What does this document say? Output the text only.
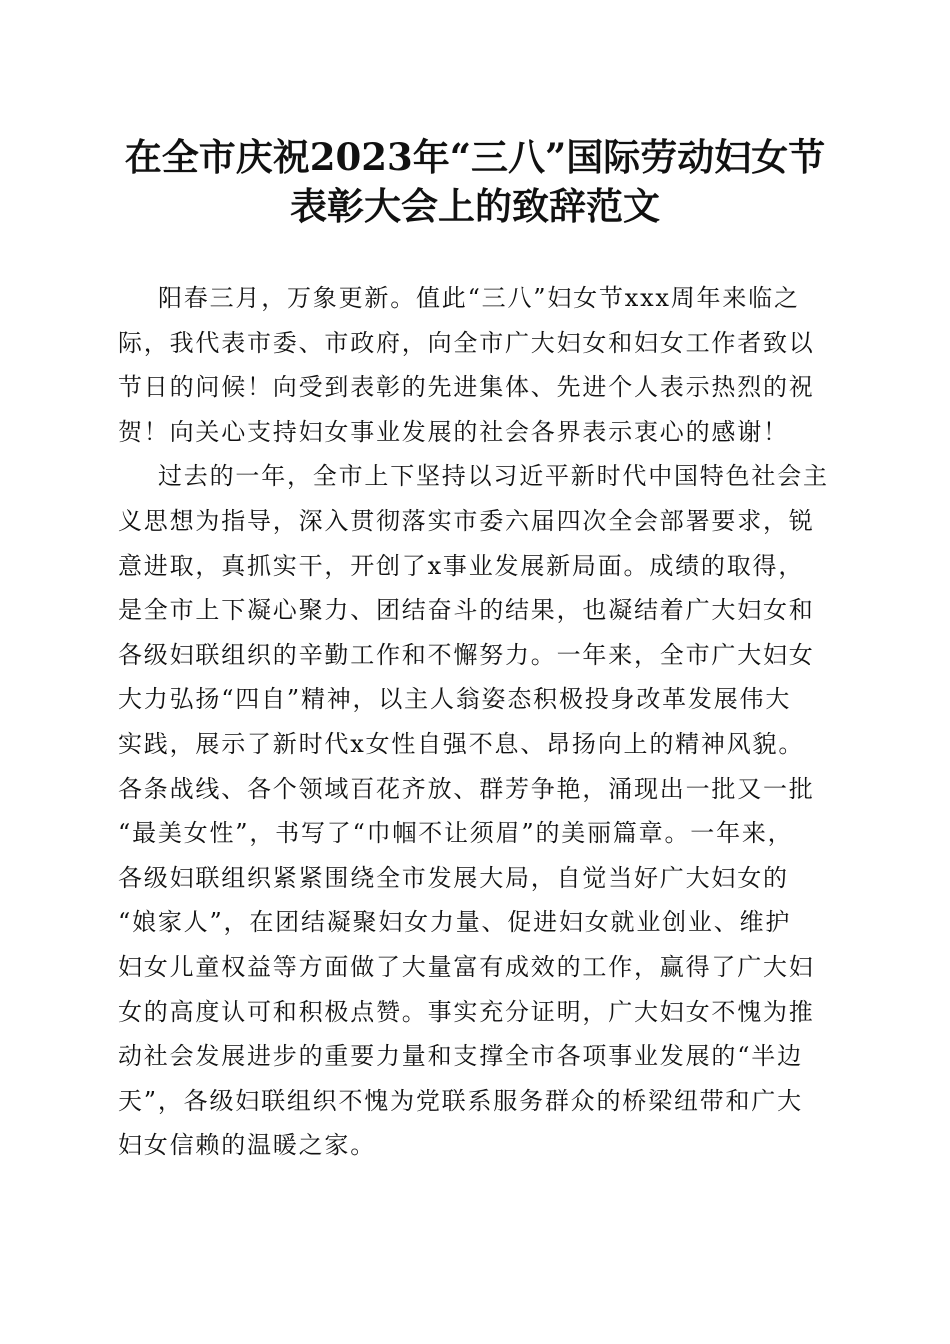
在全市庆祝2023年“三八”国际劳动妇女节
表彰大会上的致辞范文
阳春三月，万象更新。值此“三八”妇女节xxx周年来临之
际，我代表市委、市政府，向全市广大妇女和妇女工作者致以
节日的问候！向受到表彰的先进集体、先进个人表示热烈的祝
贺！向关心支持妇女事业发展的社会各界表示衷心的感谢！
过去的一年，全市上下坚持以习近平新时代中国特色社会主
义思想为指导，深入贯彻落实市委六届四次全会部署要求，锐
意进取，真抓实干，开创了x事业发展新局面。成绩的取得，
是全市上下凝心聚力、团结奋斗的结果，也凝结着广大妇女和
各级妇联组织的辛勤工作和不懈努力。一年来，全市广大妇女
大力弘扬“四自”精神，以主人翁姿态积极投身改革发展伟大
实践，展示了新时代x女性自强不息、昂扬向上的精神风貌。
各条战线、各个领域百花齐放、群芳争艳，涌现出一批又一批
“最美女性”，书写了“巾帼不让须眉”的美丽篇章。一年来，
各级妇联组织紧紧围绕全市发展大局，自觉当好广大妇女的
“娘家人”，在团结凝聚妇女力量、促进妇女就业创业、维护
妇女儿童权益等方面做了大量富有成效的工作，赢得了广大妇
女的高度认可和积极点赞。事实充分证明，广大妇女不愧为推
动社会发展进步的重要力量和支撑全市各项事业发展的“半边
天”，各级妇联组织不愧为党联系服务群众的桥梁纽带和广大
妇女信赖的温暖之家。
